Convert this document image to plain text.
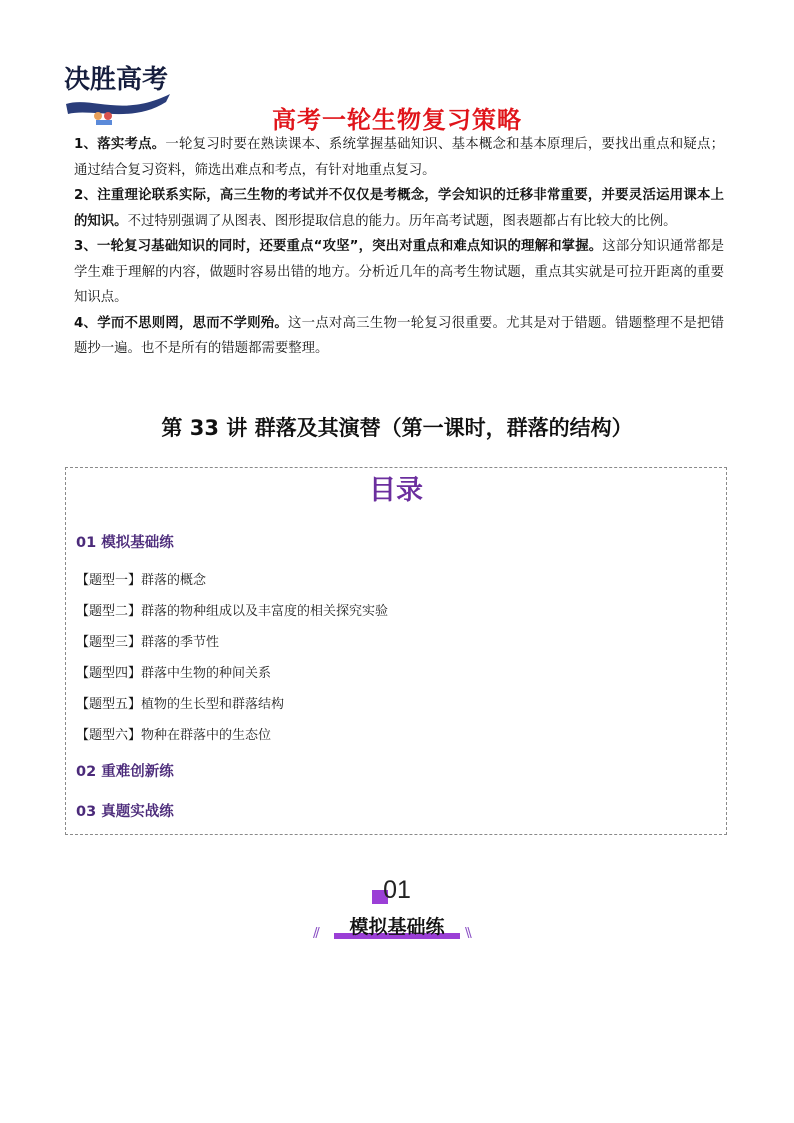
决胜高考
高考一轮生物复习策略

1、落实考点。一轮复习时要在熟读课本、系统掌握基础知识、基本概念和基本原理后，要找出重点和疑点；通过结合复习资料，筛选出难点和考点，有针对地重点复习。

2、注重理论联系实际，高三生物的考试并不仅仅是考概念，学会知识的迁移非常重要，并要灵活运用课本上的知识。不过特别强调了从图表、图形提取信息的能力。历年高考试题，图表题都占有比较大的比例。

3、一轮复习基础知识的同时，还要重点“攻坚”，突出对重点和难点知识的理解和掌握。这部分知识通常都是学生难于理解的内容，做题时容易出错的地方。分析近几年的高考生物试题，重点其实就是可拉开距离的重要知识点。

4、学而不思则罔，思而不学则殆。这一点对高三生物一轮复习很重要。尤其是对于错题。错题整理不是把错题抄一遍。也不是所有的错题都需要整理。

第 33 讲 群落及其演替（第一课时，群落的结构）
目录
01 模拟基础练
【题型一】群落的概念
【题型二】群落的物种组成以及丰富度的相关探究实验
【题型三】群落的季节性
【题型四】群落中生物的种间关系
【题型五】植物的生长型和群落结构
【题型六】物种在群落中的生态位
02 重难创新练
03 真题实战练
01
模拟基础练
//	\\
